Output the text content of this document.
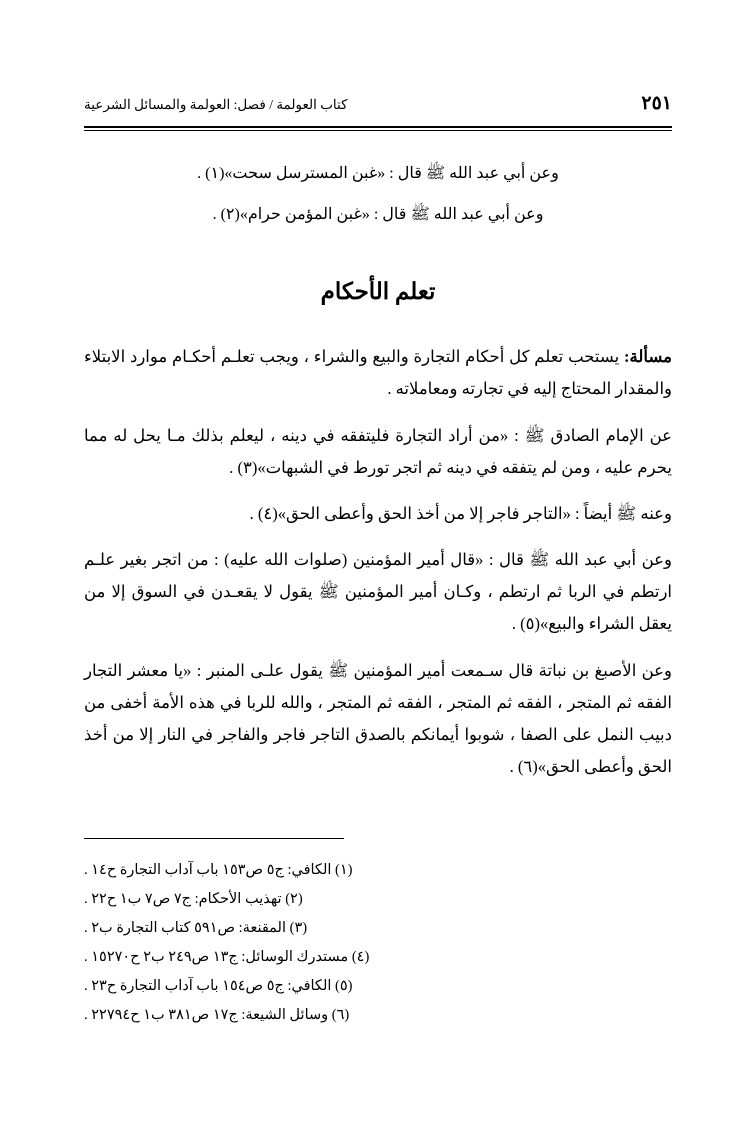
كتاب العولمة / فصل: العولمة والمسائل الشرعية	٢٥١
وعن أبي عبد الله ﷺ قال : «غبن المسترسل سحت»(١) .
وعن أبي عبد الله ﷺ قال : «غبن المؤمن حرام»(٢) .
تعلم الأحكام

مسألة: يستحب تعلم كل أحكام التجارة والبيع والشراء ، ويجب تعلـم أحكـام موارد الابتلاء والمقدار المحتاج إليه في تجارته ومعاملاته .

عن الإمام الصادق ﷺ : «من أراد التجارة فليتفقه في دينه ، ليعلم بذلك مـا يحل له مما يحرم عليه ، ومن لم يتفقه في دينه ثم اتجر تورط في الشبهات»(٣) .

وعنه ﷺ أيضاً : «التاجر فاجر إلا من أخذ الحق وأعطى الحق»(٤) .

وعن أبي عبد الله ﷺ قال : «قال أمير المؤمنين (صلوات الله عليه) : من اتجر بغير علـم ارتطم في الربا ثم ارتطم ، وكـان أمير المؤمنين ﷺ يقول لا يقعـدن في السوق إلا من يعقل الشراء والبيع»(٥) .

وعن الأصبغ بن نباتة قال سـمعت أمير المؤمنين ﷺ يقول علـى المنبر : «يا معشر التجار الفقه ثم المتجر ، الفقه ثم المتجر ، الفقه ثم المتجر ، والله للربا في هذه الأمة أخفى من دبيب النمل على الصفا ، شوبوا أيمانكم بالصدق التاجر فاجر والفاجر في النار إلا من أخذ الحق وأعطى الحق»(٦) .

(١) الكافي: ج٥ ص١٥٣ باب آداب التجارة ح١٤ .

(٢) تهذيب الأحكام: ج٧ ص٧ ب١ ح٢٢ .

(٣) المقنعة: ص٥٩١ كتاب التجارة ب٢ .

(٤) مستدرك الوسائل: ج١٣ ص٢٤٩ ب٢ ح١٥٢٧٠ .

(٥) الكافي: ج٥ ص١٥٤ باب آداب التجارة ح٢٣ .

(٦) وسائل الشيعة: ج١٧ ص٣٨١ ب١ ح٢٢٧٩٤ .
